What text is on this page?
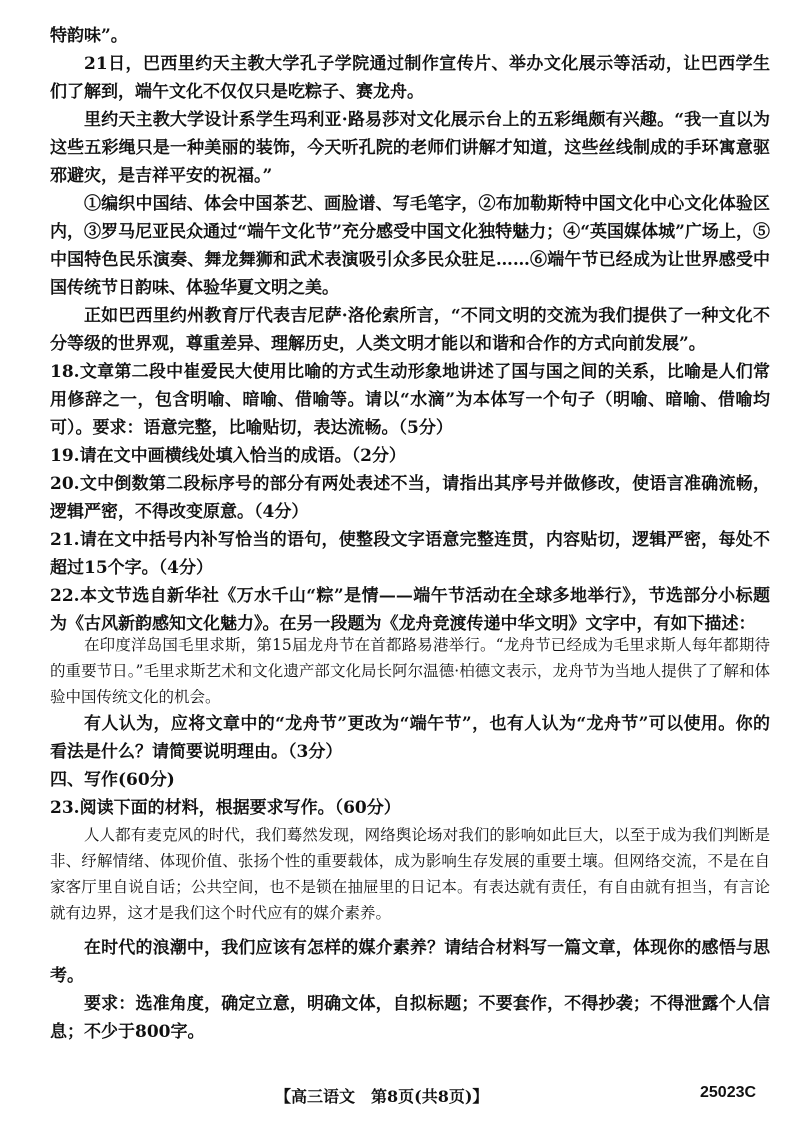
特韵味”。

21日，巴西里约天主教大学孔子学院通过制作宣传片、举办文化展示等活动，让巴西学生们了解到，端午文化不仅仅只是吃粽子、赛龙舟。

里约天主教大学设计系学生玛利亚·路易莎对文化展示台上的五彩绳颇有兴趣。“我一直以为这些五彩绳只是一种美丽的装饰，今天听孔院的老师们讲解才知道，这些丝线制成的手环寓意驱邪避灾，是吉祥平安的祝福。”

①编织中国结、体会中国茶艺、画脸谱、写毛笔字，②布加勒斯特中国文化中心文化体验区内，③罗马尼亚民众通过“端午文化节”充分感受中国文化独特魅力；④“英国媒体城”广场上，⑤中国特色民乐演奏、舞龙舞狮和武术表演吸引众多民众驻足……⑥端午节已经成为让世界感受中国传统节日韵味、体验华夏文明之美。

正如巴西里约州教育厅代表吉尼萨·洛伦索所言，“不同文明的交流为我们提供了一种文化不分等级的世界观，尊重差异、理解历史，人类文明才能以和谐和合作的方式向前发展”。

18.文章第二段中崔爱民大使用比喻的方式生动形象地讲述了国与国之间的关系，比喻是人们常用修辞之一，包含明喻、暗喻、借喻等。请以“水滴”为本体写一个句子（明喻、暗喻、借喻均可）。要求：语意完整，比喻贴切，表达流畅。（5分）

19.请在文中画横线处填入恰当的成语。（2分）

20.文中倒数第二段标序号的部分有两处表述不当，请指出其序号并做修改，使语言准确流畅，逻辑严密，不得改变原意。（4分）

21.请在文中括号内补写恰当的语句，使整段文字语意完整连贯，内容贴切，逻辑严密，每处不超过15个字。（4分）

22.本文节选自新华社《万水千山“粽”是情——端午节活动在全球多地举行》，节选部分小标题为《古风新韵感知文化魅力》。在另一段题为《龙舟竞渡传递中华文明》文字中，有如下描述：

在印度洋岛国毛里求斯，第15届龙舟节在首都路易港举行。“龙舟节已经成为毛里求斯人每年都期待的重要节日。”毛里求斯艺术和文化遗产部文化局长阿尔温德·柏德文表示，龙舟节为当地人提供了了解和体验中国传统文化的机会。

有人认为，应将文章中的“龙舟节”更改为“端午节”，也有人认为“龙舟节”可以使用。你的看法是什么？请简要说明理由。（3分）

四、写作(60分)

23.阅读下面的材料，根据要求写作。（60分）

人人都有麦克风的时代，我们蓦然发现，网络舆论场对我们的影响如此巨大，以至于成为我们判断是非、纾解情绪、体现价值、张扬个性的重要载体，成为影响生存发展的重要土壤。但网络交流，不是在自家客厅里自说自话；公共空间，也不是锁在抽屉里的日记本。有表达就有责任，有自由就有担当，有言论就有边界，这才是我们这个时代应有的媒介素养。

在时代的浪潮中，我们应该有怎样的媒介素养？请结合材料写一篇文章，体现你的感悟与思考。

要求：选准角度，确定立意，明确文体，自拟标题；不要套作，不得抄袭；不得泄露个人信息；不少于800字。

【高三语文　第8页(共8页)】	25023C
